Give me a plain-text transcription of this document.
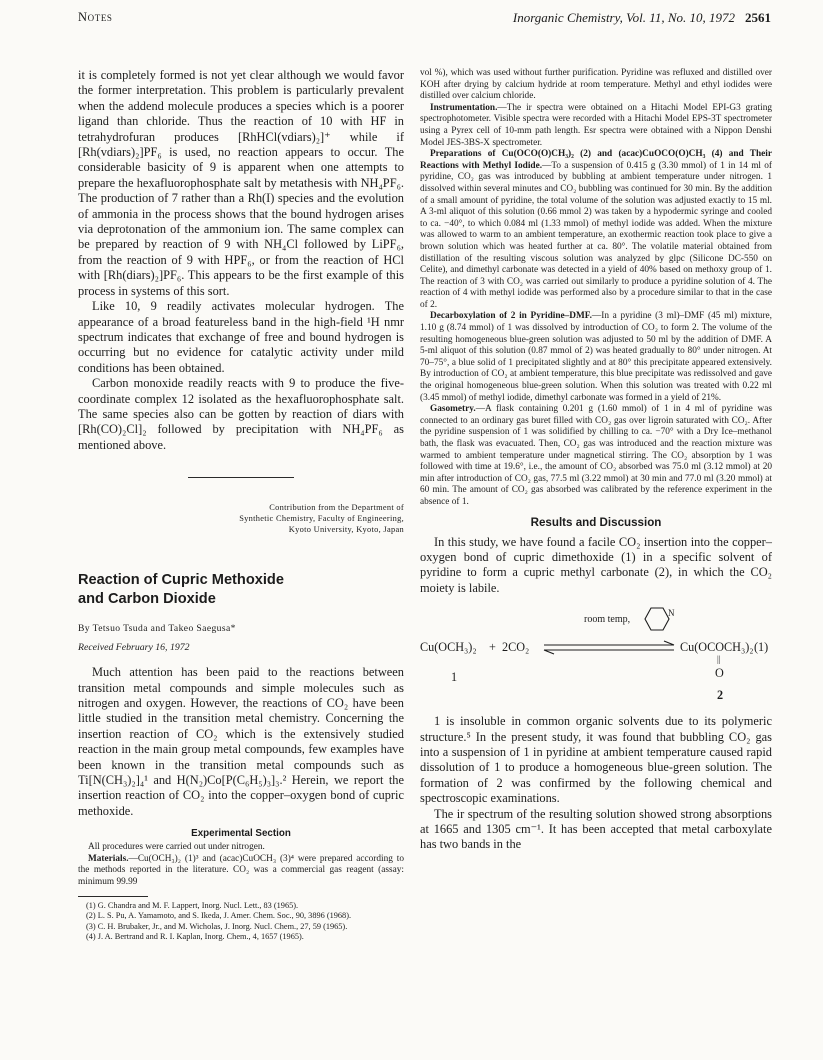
Notes	Inorganic Chemistry, Vol. 11, No. 10, 1972 2561

it is completely formed is not yet clear although we would favor the former interpretation. This problem is particularly prevalent when the addend molecule produces a species which is a poorer ligand than chloride. Thus the reaction of 10 with HF in tetrahydrofuran produces [RhHCl(vdiars)₂]⁺ while if [Rh(vdiars)₂]PF₆ is used, no reaction appears to occur. The considerable basicity of 9 is apparent when one attempts to prepare the hexafluorophosphate salt by metathesis with NH₄PF₆. The production of 7 rather than a Rh(I) species and the evolution of ammonia in the process shows that the bound hydrogen arises via deprotonation of the ammonium ion. The same complex can be prepared by reaction of 9 with NH₄Cl followed by LiPF₆, from the reaction of 9 with HPF₆, or from the reaction of HCl with [Rh(diars)₂]PF₆. This appears to be the first example of this process in systems of this sort.

Like 10, 9 readily activates molecular hydrogen. The appearance of a broad featureless band in the high-field ¹H nmr spectrum indicates that exchange of free and bound hydrogen is occurring but no evidence for catalytic activity under mild conditions has been obtained.

Carbon monoxide readily reacts with 9 to produce the five-coordinate complex 12 isolated as the hexafluorophosphate salt. The same species also can be gotten by reaction of diars with [Rh(CO)₂Cl]₂ followed by precipitation with NH₄PF₆ as mentioned above.

Contribution from the Department of
Synthetic Chemistry, Faculty of Engineering,
Kyoto University, Kyoto, Japan
Reaction of Cupric Methoxide and Carbon Dioxide
By Tetsuo Tsuda and Takeo Saegusa*
Received February 16, 1972

Much attention has been paid to the reactions between transition metal compounds and simple molecules such as nitrogen and oxygen. However, the reactions of CO₂ have been little studied in the transition metal chemistry. Concerning the insertion reaction of CO₂ which is the extensively studied reaction in the main group metal compounds, few examples have been known in the transition metal compounds such as Ti[N(CH₃)₂]₄¹ and H(N₂)Co[P(C₆H₅)₃]₃.² Herein, we report the insertion reaction of CO₂ into the copper–oxygen bond of cupric methoxide.

Experimental Section

All procedures were carried out under nitrogen.

Materials.—Cu(OCH₃)₂ (1)³ and (acac)CuOCH₃ (3)⁴ were prepared according to the methods reported in the literature. CO₂ was a commercial gas reagent (assay: minimum 99.99

(1) G. Chandra and M. F. Lappert, Inorg. Nucl. Lett., 83 (1965).

(2) L. S. Pu, A. Yamamoto, and S. Ikeda, J. Amer. Chem. Soc., 90, 3896 (1968).

(3) C. H. Brubaker, Jr., and M. Wicholas, J. Inorg. Nucl. Chem., 27, 59 (1965).

(4) J. A. Bertrand and R. I. Kaplan, Inorg. Chem., 4, 1657 (1965).

vol %), which was used without further purification. Pyridine was refluxed and distilled over KOH after drying by calcium hydride at room temperature. Methyl and ethyl iodides were distilled over calcium chloride.

Instrumentation.—The ir spectra were obtained on a Hitachi Model EPI-G3 grating spectrophotometer. Visible spectra were recorded with a Hitachi Model EPS-3T spectrometer using a Pyrex cell of 10-mm path length. Esr spectra were obtained with a Nippon Denshi Model JES-3BS-X spectrometer.

Preparations of Cu(OCO(O)CH₃)₂ (2) and (acac)CuOCO(O)CH₃ (4) and Their Reactions with Methyl Iodide.—To a suspension of 0.415 g (3.30 mmol) of 1 in 14 ml of pyridine, CO₂ gas was introduced by bubbling at ambient temperature under nitrogen. 1 dissolved within several minutes and CO₂ bubbling was continued for 30 min. By the addition of a small amount of pyridine, the total volume of the solution was adjusted exactly to 15 ml. A 3-ml aliquot of this solution (0.66 mmol 2) was taken by a hypodermic syringe and cooled to ca. −40°, to which 0.084 ml (1.33 mmol) of methyl iodide was added. When the mixture was allowed to warm to an ambient temperature, an exothermic reaction took place to give a brown solution which was heated further at ca. 80°. The volatile material obtained from distillation of the resulting viscous solution was analyzed by glpc (Silicone DC-550 on Celite), and dimethyl carbonate was detected in a yield of 40% based on methoxy group of 1. The reaction of 3 with CO₂ was carried out similarly to produce a pyridine solution of 4. The reaction of 4 with methyl iodide was performed also by a procedure similar to that in the case of 2.

Decarboxylation of 2 in Pyridine–DMF.—In a pyridine (3 ml)–DMF (45 ml) mixture, 1.10 g (8.74 mmol) of 1 was dissolved by introduction of CO₂ to form 2. The volume of the resulting homogeneous blue-green solution was adjusted to 50 ml by the addition of DMF. A 5-ml aliquot of this solution (0.87 mmol of 2) was heated gradually to 80° under nitrogen. At 70–75°, a blue solid of 1 precipitated slightly and at 80° this precipitate appeared extensively. By introduction of CO₂ at ambient temperature, this blue precipitate was redissolved and gave the original homogeneous blue-green solution. When this solution was treated with 0.22 ml (3.45 mmol) of methyl iodide, dimethyl carbonate was formed in a yield of 21%.

Gasometry.—A flask containing 0.201 g (1.60 mmol) of 1 in 4 ml of pyridine was connected to an ordinary gas buret filled with CO₂ gas over ligroin saturated with CO₂. After the pyridine suspension of 1 was solidified by chilling to ca. −70° with a Dry Ice–methanol bath, the flask was evacuated. Then, CO₂ gas was introduced and the reaction mixture was warmed to ambient temperature under magnetical stirring. The CO₂ absorption by 1 was followed with time at 19.6°, i.e., the amount of CO₂ absorbed was 75.0 ml (3.12 mmol) at 20 min after introduction of CO₂ gas, 77.5 ml (3.22 mmol) at 30 min and 77.0 ml (3.20 mmol) at 60 min. The amount of CO₂ gas absorbed was calibrated by the reference experiment in the absence of 1.

Results and Discussion

In this study, we have found a facile CO₂ insertion into the copper–oxygen bond of cupric dimethoxide (1) in a specific solvent of pyridine to form a cupric methyl carbonate (2), in which the CO₂ moiety is labile.

room temp,
N
Cu(OCH₃)₂ + 2CO₂	Cu(OCOCH₃)₂ (1)
||
O
1
2

1 is insoluble in common organic solvents due to its polymeric structure.⁵ In the present study, it was found that bubbling CO₂ gas into a suspension of 1 in pyridine at ambient temperature caused rapid dissolution of 1 to produce a homogeneous blue-green solution. The formation of 2 was confirmed by the following chemical and spectroscopic examinations.

The ir spectrum of the resulting solution showed strong absorptions at 1665 and 1305 cm⁻¹. It has been accepted that metal carboxylate has two bands in the
